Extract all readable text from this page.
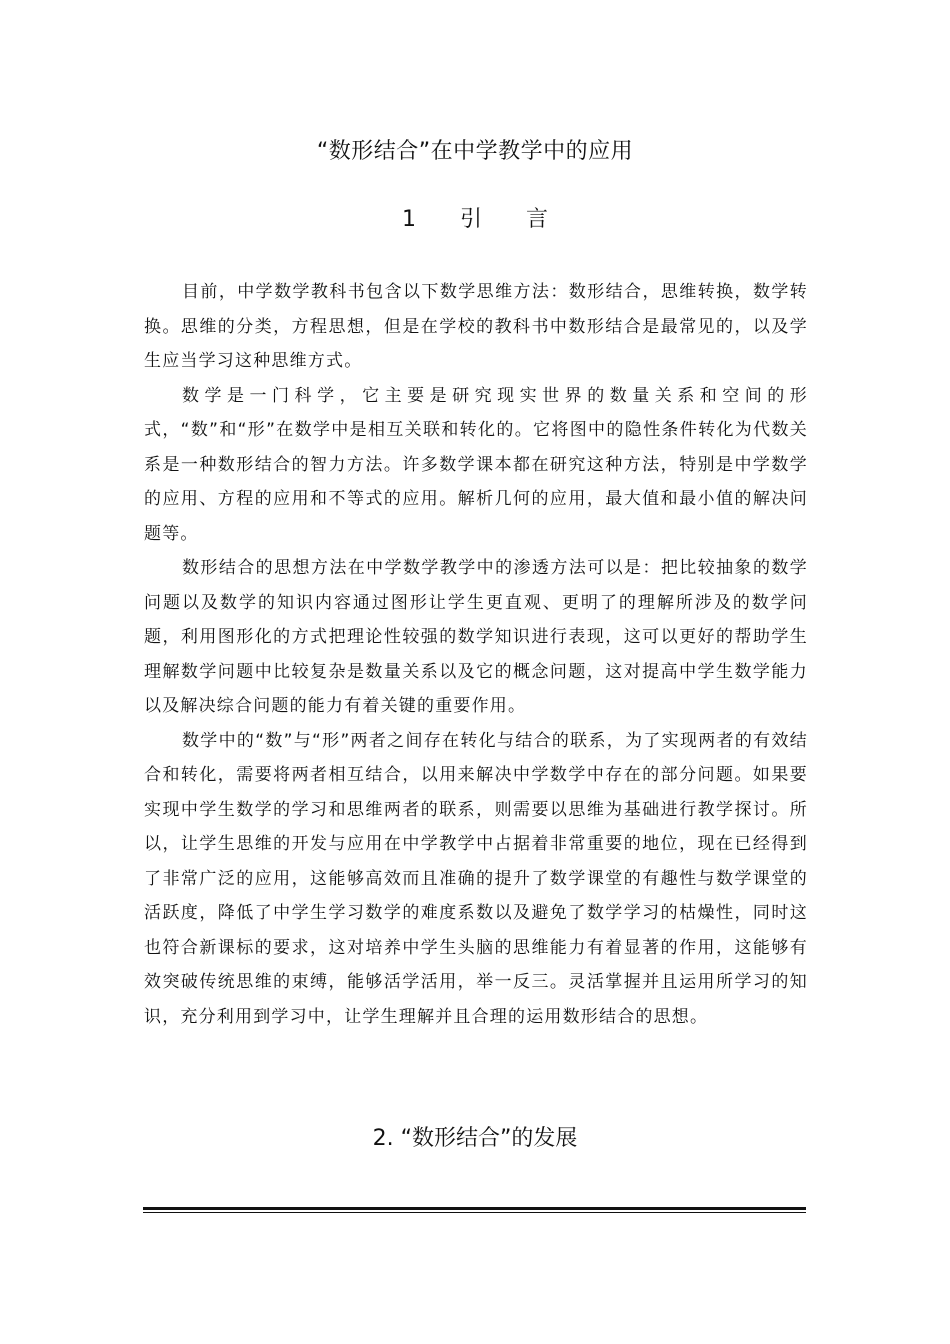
“数形结合”在中学教学中的应用
1 引 言

目前，中学数学教科书包含以下数学思维方法：数形结合，思维转换，数学转换。思维的分类，方程思想，但是在学校的教科书中数形结合是最常见的，以及学生应当学习这种思维方式。

数学是一门科学，它主要是研究现实世界的数量关系和空间的形式，“数”和“形”在数学中是相互关联和转化的。它将图中的隐性条件转化为代数关系是一种数形结合的智力方法。许多数学课本都在研究这种方法，特别是中学数学的应用、方程的应用和不等式的应用。解析几何的应用，最大值和最小值的解决问题等。

数形结合的思想方法在中学数学教学中的渗透方法可以是：把比较抽象的数学问题以及数学的知识内容通过图形让学生更直观、更明了的理解所涉及的数学问题，利用图形化的方式把理论性较强的数学知识进行表现，这可以更好的帮助学生理解数学问题中比较复杂是数量关系以及它的概念问题，这对提高中学生数学能力以及解决综合问题的能力有着关键的重要作用。

数学中的“数”与“形”两者之间存在转化与结合的联系，为了实现两者的有效结合和转化，需要将两者相互结合，以用来解决中学数学中存在的部分问题。如果要实现中学生数学的学习和思维两者的联系，则需要以思维为基础进行教学探讨。所以，让学生思维的开发与应用在中学教学中占据着非常重要的地位，现在已经得到了非常广泛的应用，这能够高效而且准确的提升了数学课堂的有趣性与数学课堂的活跃度，降低了中学生学习数学的难度系数以及避免了数学学习的枯燥性，同时这也符合新课标的要求，这对培养中学生头脑的思维能力有着显著的作用，这能够有效突破传统思维的束缚，能够活学活用，举一反三。灵活掌握并且运用所学习的知识，充分利用到学习中，让学生理解并且合理的运用数形结合的思想。

2. “数形结合”的发展
